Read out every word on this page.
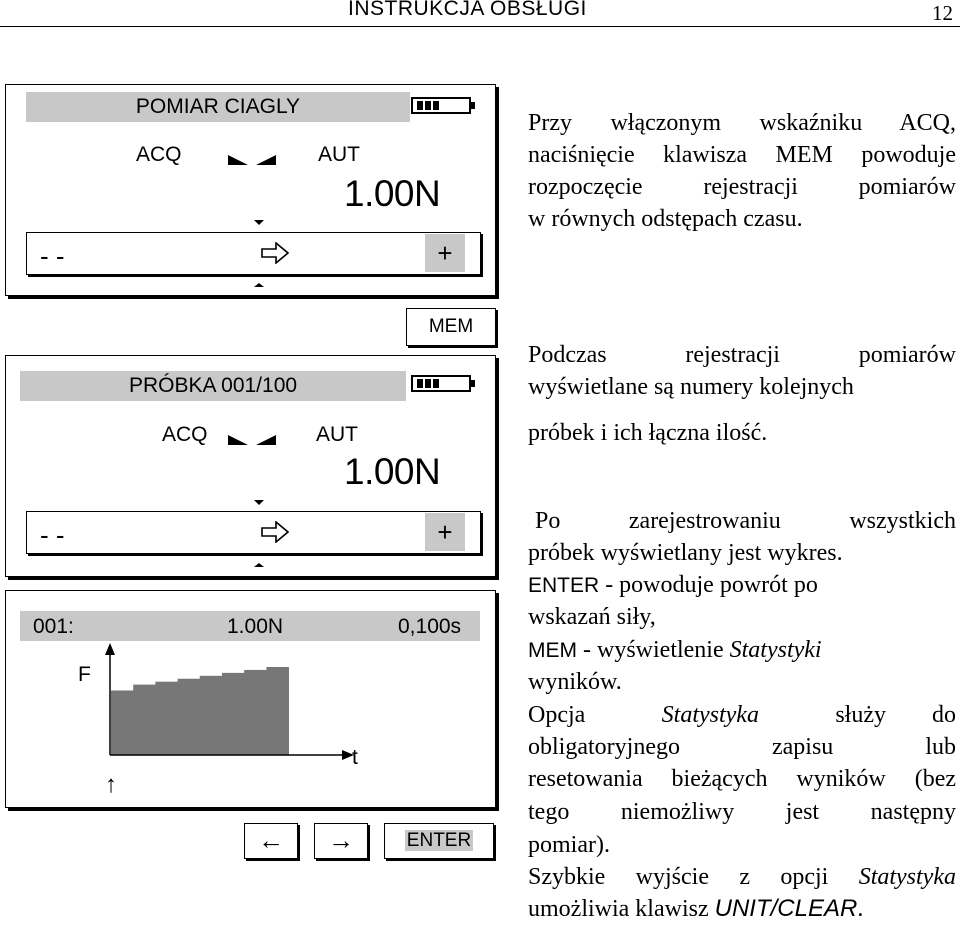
INSTRUKCJA OBSŁUGI	12
POMIAR CIAGLY
ACQ	AUT
1.00N
- -	+
MEM
PRÓBKA 001/100
ACQ	AUT
1.00N
- -	+
001:	1.00N	0,100s
F
t
↑
←	→	ENTER
Przy włączonym wskaźniku ACQ,
naciśnięcie klawisza MEM powoduje
rozpoczęcie rejestracji pomiarów
w równych odstępach czasu.
Podczas rejestracji pomiarów
wyświetlane są numery kolejnych
próbek i ich łączna ilość.
Po zarejestrowaniu wszystkich
próbek wyświetlany jest wykres.
ENTER - powoduje powrót po
wskazań siły,
MEM - wyświetlenie Statystyki
wyników.
Opcja	Statystyka	służy do
obligatoryjnego zapisu lub
resetowania bieżących wyników (bez
tego niemożliwy jest następny
pomiar).
Szybkie wyjście z opcji Statystyka
umożliwia klawisz UNIT/CLEAR.
